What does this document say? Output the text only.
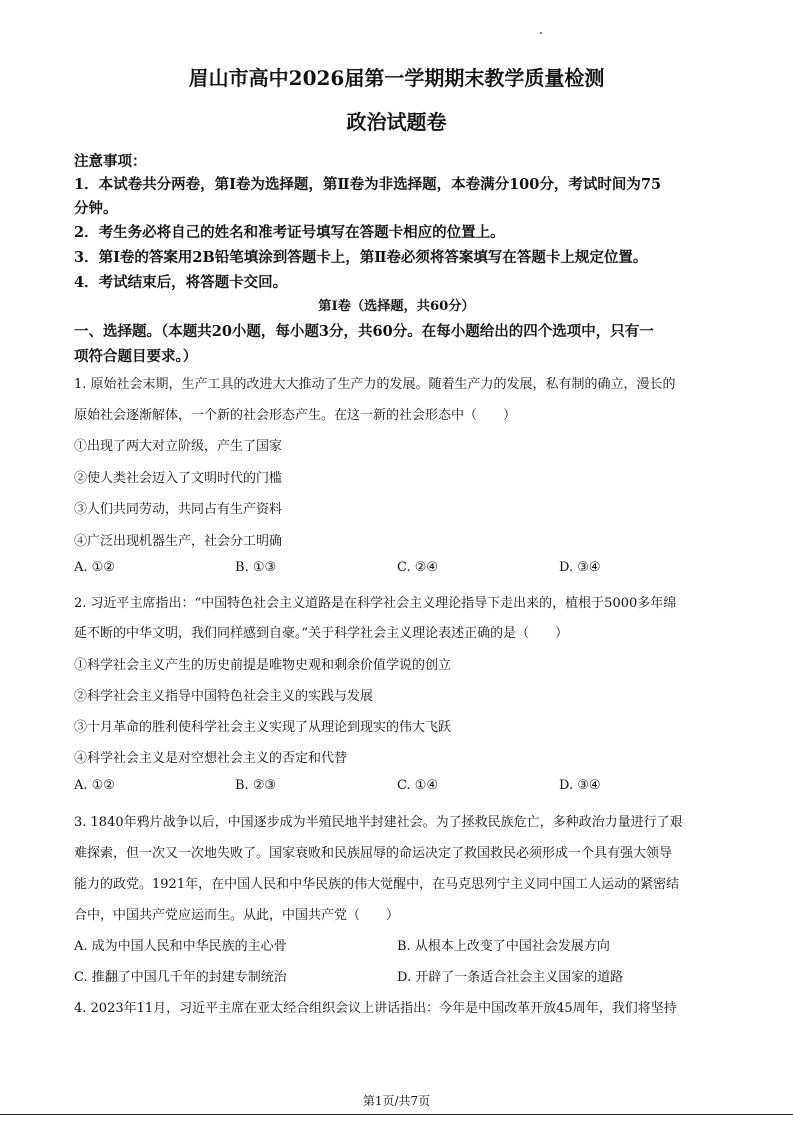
眉山市高中2026届第一学期期末教学质量检测
政治试题卷
注意事项：
1．本试卷共分两卷，第Ⅰ卷为选择题，第Ⅱ卷为非选择题，本卷满分100分，考试时间为75
分钟。
2．考生务必将自己的姓名和准考证号填写在答题卡相应的位置上。
3．第Ⅰ卷的答案用2B铅笔填涂到答题卡上，第Ⅱ卷必须将答案填写在答题卡上规定位置。
4．考试结束后，将答题卡交回。
第Ⅰ卷（选择题，共60分）
一、选择题。（本题共20小题，每小题3分，共60分。在每小题给出的四个选项中，只有一
项符合题目要求。）
1. 原始社会末期，生产工具的改进大大推动了生产力的发展。随着生产力的发展，私有制的确立，漫长的
原始社会逐渐解体，一个新的社会形态产生。在这一新的社会形态中（　　）
①出现了两大对立阶级，产生了国家
②使人类社会迈入了文明时代的门槛
③人们共同劳动，共同占有生产资料
④广泛出现机器生产，社会分工明确
A. ①②	B. ①③	C. ②④	D. ③④
2. 习近平主席指出：“中国特色社会主义道路是在科学社会主义理论指导下走出来的，植根于5000多年绵
延不断的中华文明，我们同样感到自豪。”关于科学社会主义理论表述正确的是（　　）
①科学社会主义产生的历史前提是唯物史观和剩余价值学说的创立
②科学社会主义指导中国特色社会主义的实践与发展
③十月革命的胜利使科学社会主义实现了从理论到现实的伟大飞跃
④科学社会主义是对空想社会主义的否定和代替
A. ①②	B. ②③	C. ①④	D. ③④
3. 1840年鸦片战争以后，中国逐步成为半殖民地半封建社会。为了拯救民族危亡，多种政治力量进行了艰
难探索，但一次又一次地失败了。国家衰败和民族屈辱的命运决定了救国救民必须形成一个具有强大领导
能力的政党。1921年，在中国人民和中华民族的伟大觉醒中，在马克思列宁主义同中国工人运动的紧密结
合中，中国共产党应运而生。从此，中国共产党（　　）
A. 成为中国人民和中华民族的主心骨	B. 从根本上改变了中国社会发展方向
C. 推翻了中国几千年的封建专制统治	D. 开辟了一条适合社会主义国家的道路
4. 2023年11月，习近平主席在亚太经合组织会议上讲话指出：今年是中国改革开放45周年，我们将坚持
第1页/共7页
